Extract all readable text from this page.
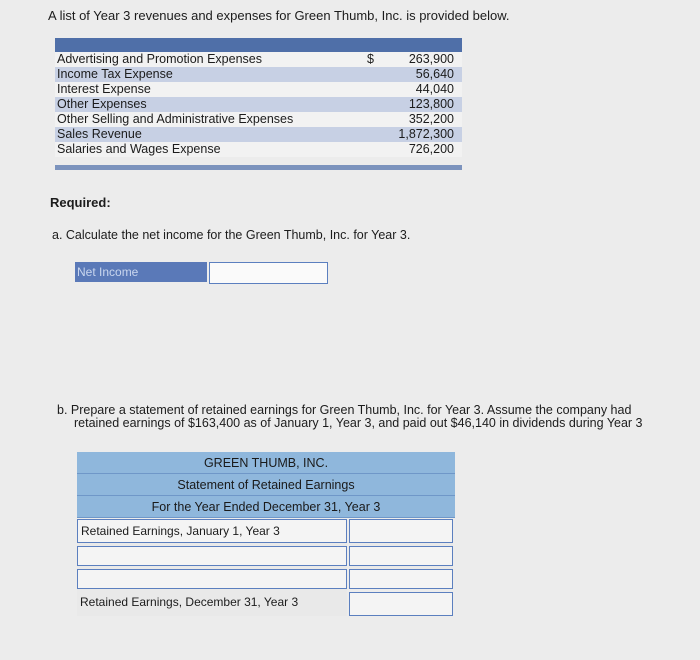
A list of Year 3 revenues and expenses for Green Thumb, Inc. is provided below.
Advertising and Promotion Expenses	$	263,900
Income Tax Expense	56,640
Interest Expense	44,040
Other Expenses	123,800
Other Selling and Administrative Expenses	352,200
Sales Revenue	1,872,300
Salaries and Wages Expense	726,200
Required:
a. Calculate the net income for the Green Thumb, Inc. for Year 3.
Net Income
b. Prepare a statement of retained earnings for Green Thumb, Inc. for Year 3. Assume the company had
retained earnings of $163,400 as of January 1, Year 3, and paid out $46,140 in dividends during Year 3
GREEN THUMB, INC.
Statement of Retained Earnings
For the Year Ended December 31, Year 3
Retained Earnings, January 1, Year 3
Retained Earnings, December 31, Year 3
